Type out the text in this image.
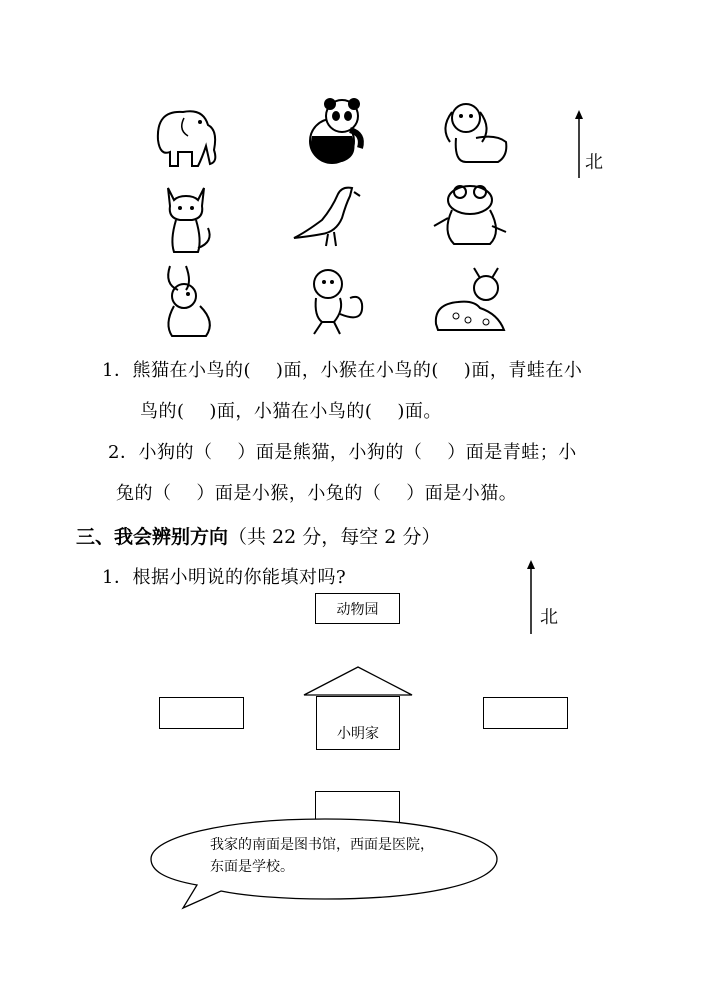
北
1．熊猫在小鸟的(    )面，小猴在小鸟的(    )面，青蛙在小
鸟的(    )面，小猫在小鸟的(    )面。
2．小狗的（    ）面是熊猫，小狗的（    ）面是青蛙；小
兔的（    ）面是小猴，小兔的（    ）面是小猫。
三、我会辨别方向（共 22 分，每空 2 分）
1．根据小明说的你能填对吗?
北
动物园
小明家
我家的南面是图书馆，西面是医院，
东面是学校。
